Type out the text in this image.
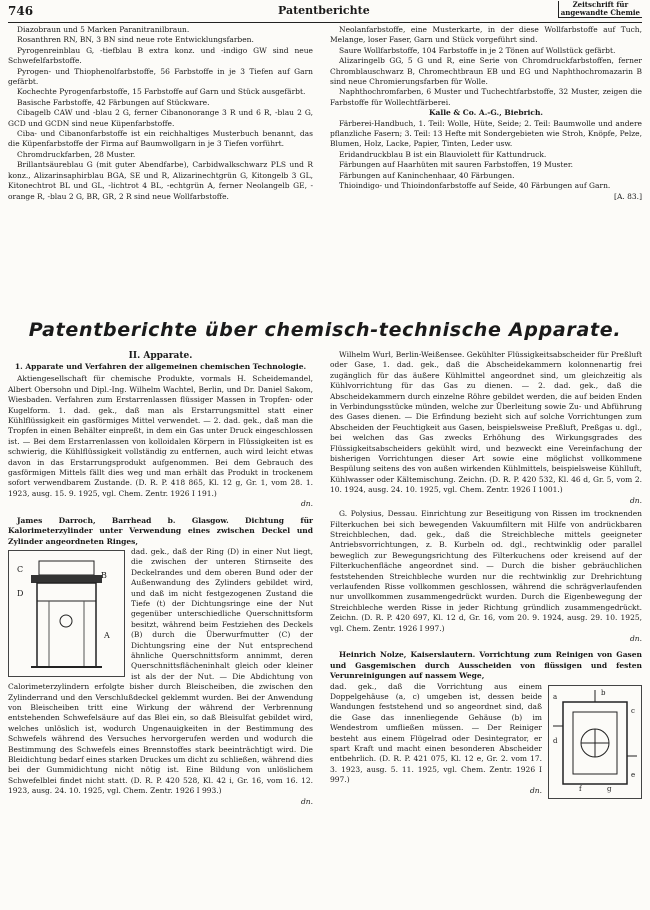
746	Patentberichte	Zeitschrift für
angewandte Chemie

Diazobraun und 5 Marken Paranitranilbraun.

Rosanthren RN, BN, 3 BN sind neue rote Entwicklungsfarben.

Pyrogenreinblau G, -tiefblau B extra konz. und -indigo GW sind neue Schwefelfarbstoffe.

Pyrogen- und Thiophenolfarbstoffe, 56 Farbstoffe in je 3 Tiefen auf Garn gefärbt.

Kochechte Pyrogenfarbstoffe, 15 Farbstoffe auf Garn und Stück ausgefärbt.

Basische Farbstoffe, 42 Färbungen auf Stückware.

Cibagelb CAW und -blau 2 G, ferner Cibanonorange 3 R und 6 R, -blau 2 G, GCD und GCDN sind neue Küpenfarbstoffe.

Ciba- und Cibanonfarbstoffe ist ein reichhaltiges Musterbuch benannt, das die Küpenfarbstoffe der Firma auf Baumwollgarn in je 3 Tiefen vorführt.

Chromdruckfarben, 28 Muster.

Brillantsäureblau G (mit guter Abendfarbe), Carbidwalkschwarz PLS und R konz., Alizarinsaphirblau BGA, SE und R, Alizarinechtgrün G, Kitongelb 3 GL, Kitonechtrot BL und GL, -lichtrot 4 BL, -echtgrün A, ferner Neolangelb GE, -orange R, -blau 2 G, BR, GR, 2 R sind neue Wollfarbstoffe.

Neolanfarbstoffe, eine Musterkarte, in der diese Wollfarbstoffe auf Tuch, Melange, loser Faser, Garn und Stück vorgeführt sind.

Saure Wollfarbstoffe, 104 Farbstoffe in je 2 Tönen auf Wollstück gefärbt.

Alizaringelb GG, 5 G und R, eine Serie von Chromdruckfarbstoffen, ferner Chromblauschwarz B, Chromechtbraun EB und EG und Naphthochromazarin B sind neue Chromierungsfarben für Wolle.

Naphthochromfarben, 6 Muster und Tuchechtfarbstoffe, 32 Muster, zeigen die Farbstoffe für Wollechtfärberei.

Kalle & Co. A.-G., Biebrich.

Färberei-Handbuch, 1. Teil: Wolle, Hüte, Seide; 2. Teil: Baumwolle und andere pflanzliche Fasern; 3. Teil: 13 Hefte mit Sondergebieten wie Stroh, Knöpfe, Pelze, Blumen, Holz, Lacke, Papier, Tinten, Leder usw.

Eridandruckblau B ist ein Blauviolett für Kattundruck.

Färbungen auf Haarhüten mit sauren Farbstoffen, 19 Muster.

Färbungen auf Kaninchenhaar, 40 Färbungen.

Thioindigo- und Thioindonfarbstoffe auf Seide, 40 Färbungen auf Garn.

[A. 83.]

Patentberichte über chemisch-technische Apparate.

II. Apparate.

1. Apparate und Verfahren der allgemeinen chemischen Technologie.

Aktiengesellschaft für chemische Produkte, vormals H. Scheidemandel, Albert Obersohn und Dipl.-Ing. Wilhelm Wachtel, Berlin, und Dr. Daniel Sakom, Wiesbaden. Verfahren zum Erstarrenlassen flüssiger Massen in Tropfen- oder Kugelform. 1. dad. gek., daß man als Erstarrungsmittel statt einer Kühlflüssigkeit ein gasförmiges Mittel verwendet. — 2. dad. gek., daß man die Tropfen in einen Behälter einpreßt, in dem ein Gas unter Druck eingeschlossen ist. — Bei dem Erstarrenlassen von kolloidalen Körpern in Flüssigkeiten ist es schwierig, die Kühlflüssigkeit vollständig zu entfernen, auch wird leicht etwas davon in das Erstarrungsprodukt aufgenommen. Bei dem Gebrauch des gasförmigen Mittels fällt dies weg und man erhält das Produkt in trockenem sofort verwendbarem Zustande. (D. R. P. 418 865, Kl. 12 g, Gr. 1, vom 28. 1. 1923, ausg. 15. 9. 1925, vgl. Chem. Zentr. 1926 I 191.)

dn.

James Darroch, Barrhead b. Glasgow. Dichtung für Kalorimeterzylinder unter Verwendung eines zwischen Deckel und Zylinder angeordneten Ringes,

C
B
D
A

dad. gek., daß der Ring (D) in einer Nut liegt, die zwischen der unteren Stirnseite des Deckelrandes und dem oberen Bund oder der Außenwandung des Zylinders gebildet wird, und daß im nicht festgezogenen Zustand die Tiefe (t) der Dichtungsringe eine der Nut gegenüber unterschiedliche Querschnittsform besitzt, während beim Festziehen des Deckels (B) durch die Überwurfmutter (C) der Dichtungsring eine der Nut entsprechend ähnliche Querschnittsform annimmt, deren Querschnittsflächeninhalt gleich oder kleiner ist als der der Nut. — Die Abdichtung von Calorimeterzylindern erfolgte bisher durch Bleischeiben, die zwischen den Zylinderrand und den Verschlußdeckel geklemmt wurden. Bei der Anwendung von Bleischeiben tritt eine Wirkung der während der Verbrennung entstehenden Schwefelsäure auf das Blei ein, so daß Bleisulfat gebildet wird, welches unlöslich ist, wodurch Ungenauigkeiten in der Bestimmung des Schwefels während des Versuches hervorgerufen werden und wodurch die Bestimmung des Schwefels eines Brennstoffes stark beeinträchtigt wird. Die Bleidichtung bedarf eines starken Druckes um dicht zu schließen, während dies bei der Gummidichtung nicht nötig ist. Eine Bildung von unlöslichem Schwefelblei findet nicht statt. (D. R. P. 420 528, Kl. 42 i, Gr. 16, vom 16. 12. 1923, ausg. 24. 10. 1925, vgl. Chem. Zentr. 1926 I 993.)

dn.

Wilhelm Wurl, Berlin-Weißensee. Gekühlter Flüssigkeitsabscheider für Preßluft oder Gase, 1. dad. gek., daß die Abscheidekammern kolonnenartig frei zugänglich für das äußere Kühlmittel angeordnet sind, um gleichzeitig als Kühlvorrichtung für das Gas zu dienen. — 2. dad. gek., daß die Abscheidekammern durch einzelne Röhre gebildet werden, die auf beiden Enden in Verbindungsstücke münden, welche zur Überleitung sowie Zu- und Abführung des Gases dienen. — Die Erfindung bezieht sich auf solche Vorrichtungen zum Abscheiden der Feuchtigkeit aus Gasen, beispielsweise Preßluft, Preßgas u. dgl., bei welchen das Gas zwecks Erhöhung des Wirkungsgrades des Flüssigkeitsabscheiders gekühlt wird, und bezweckt eine Vereinfachung der bisherigen Vorrichtungen dieser Art sowie eine möglichst vollkommene Bespülung seitens des von außen wirkenden Kühlmittels, beispielsweise Kühlluft, Kühlwasser oder Kältemischung. Zeichn. (D. R. P. 420 532, Kl. 46 d, Gr. 5, vom 2. 10. 1924, ausg. 24. 10. 1925, vgl. Chem. Zentr. 1926 I 1001.)

dn.

G. Polysius, Dessau. Einrichtung zur Beseitigung von Rissen im trocknenden Filterkuchen bei sich bewegenden Vakuumfiltern mit Hilfe von andrückbaren Streichblechen, dad. gek., daß die Streichbleche mittels geeigneter Antriebsvorrichtungen, z. B. Kurbeln od. dgl., rechtwinklig oder parallel beweglich zur Bewegungsrichtung des Filterkuchens oder kreisend auf der Filterkuchenfläche angeordnet sind. — Durch die bisher gebräuchlichen feststehenden Streichbleche wurden nur die rechtwinklig zur Drehrichtung verlaufenden Risse vollkommen geschlossen, während die schrägverlaufenden nur unvollkommen zusammengedrückt wurden. Durch die Eigenbewegung der Streichbleche werden Risse in jeder Richtung gründlich zusammengedrückt. Zeichn. (D. R. P. 420 697, Kl. 12 d, Gr. 16, vom 20. 9. 1924, ausg. 29. 10. 1925, vgl. Chem. Zentr. 1926 I 997.)

dn.

Heinrich Nolze, Kaiserslautern. Vorrichtung zum Reinigen von Gasen und Gasgemischen durch Ausscheiden von flüssigen und festen Verunreinigungen auf nassem Wege,

a	b
c
d
e
f	g

dad. gek., daß die Vorrichtung aus einem Doppelgehäuse (a, c) umgeben ist, dessen beide Wandungen feststehend und so angeordnet sind, daß die Gase das innenliegende Gehäuse (b) im Wendestrom umfließen müssen. — Der Reiniger besteht aus einem Flügelrad oder Desintegrator, er spart Kraft und macht einen besonderen Abscheider entbehrlich. (D. R. P. 421 075, Kl. 12 e, Gr. 2. vom 17. 3. 1923, ausg. 5. 11. 1925, vgl. Chem. Zentr. 1926 I 997.)

dn.
